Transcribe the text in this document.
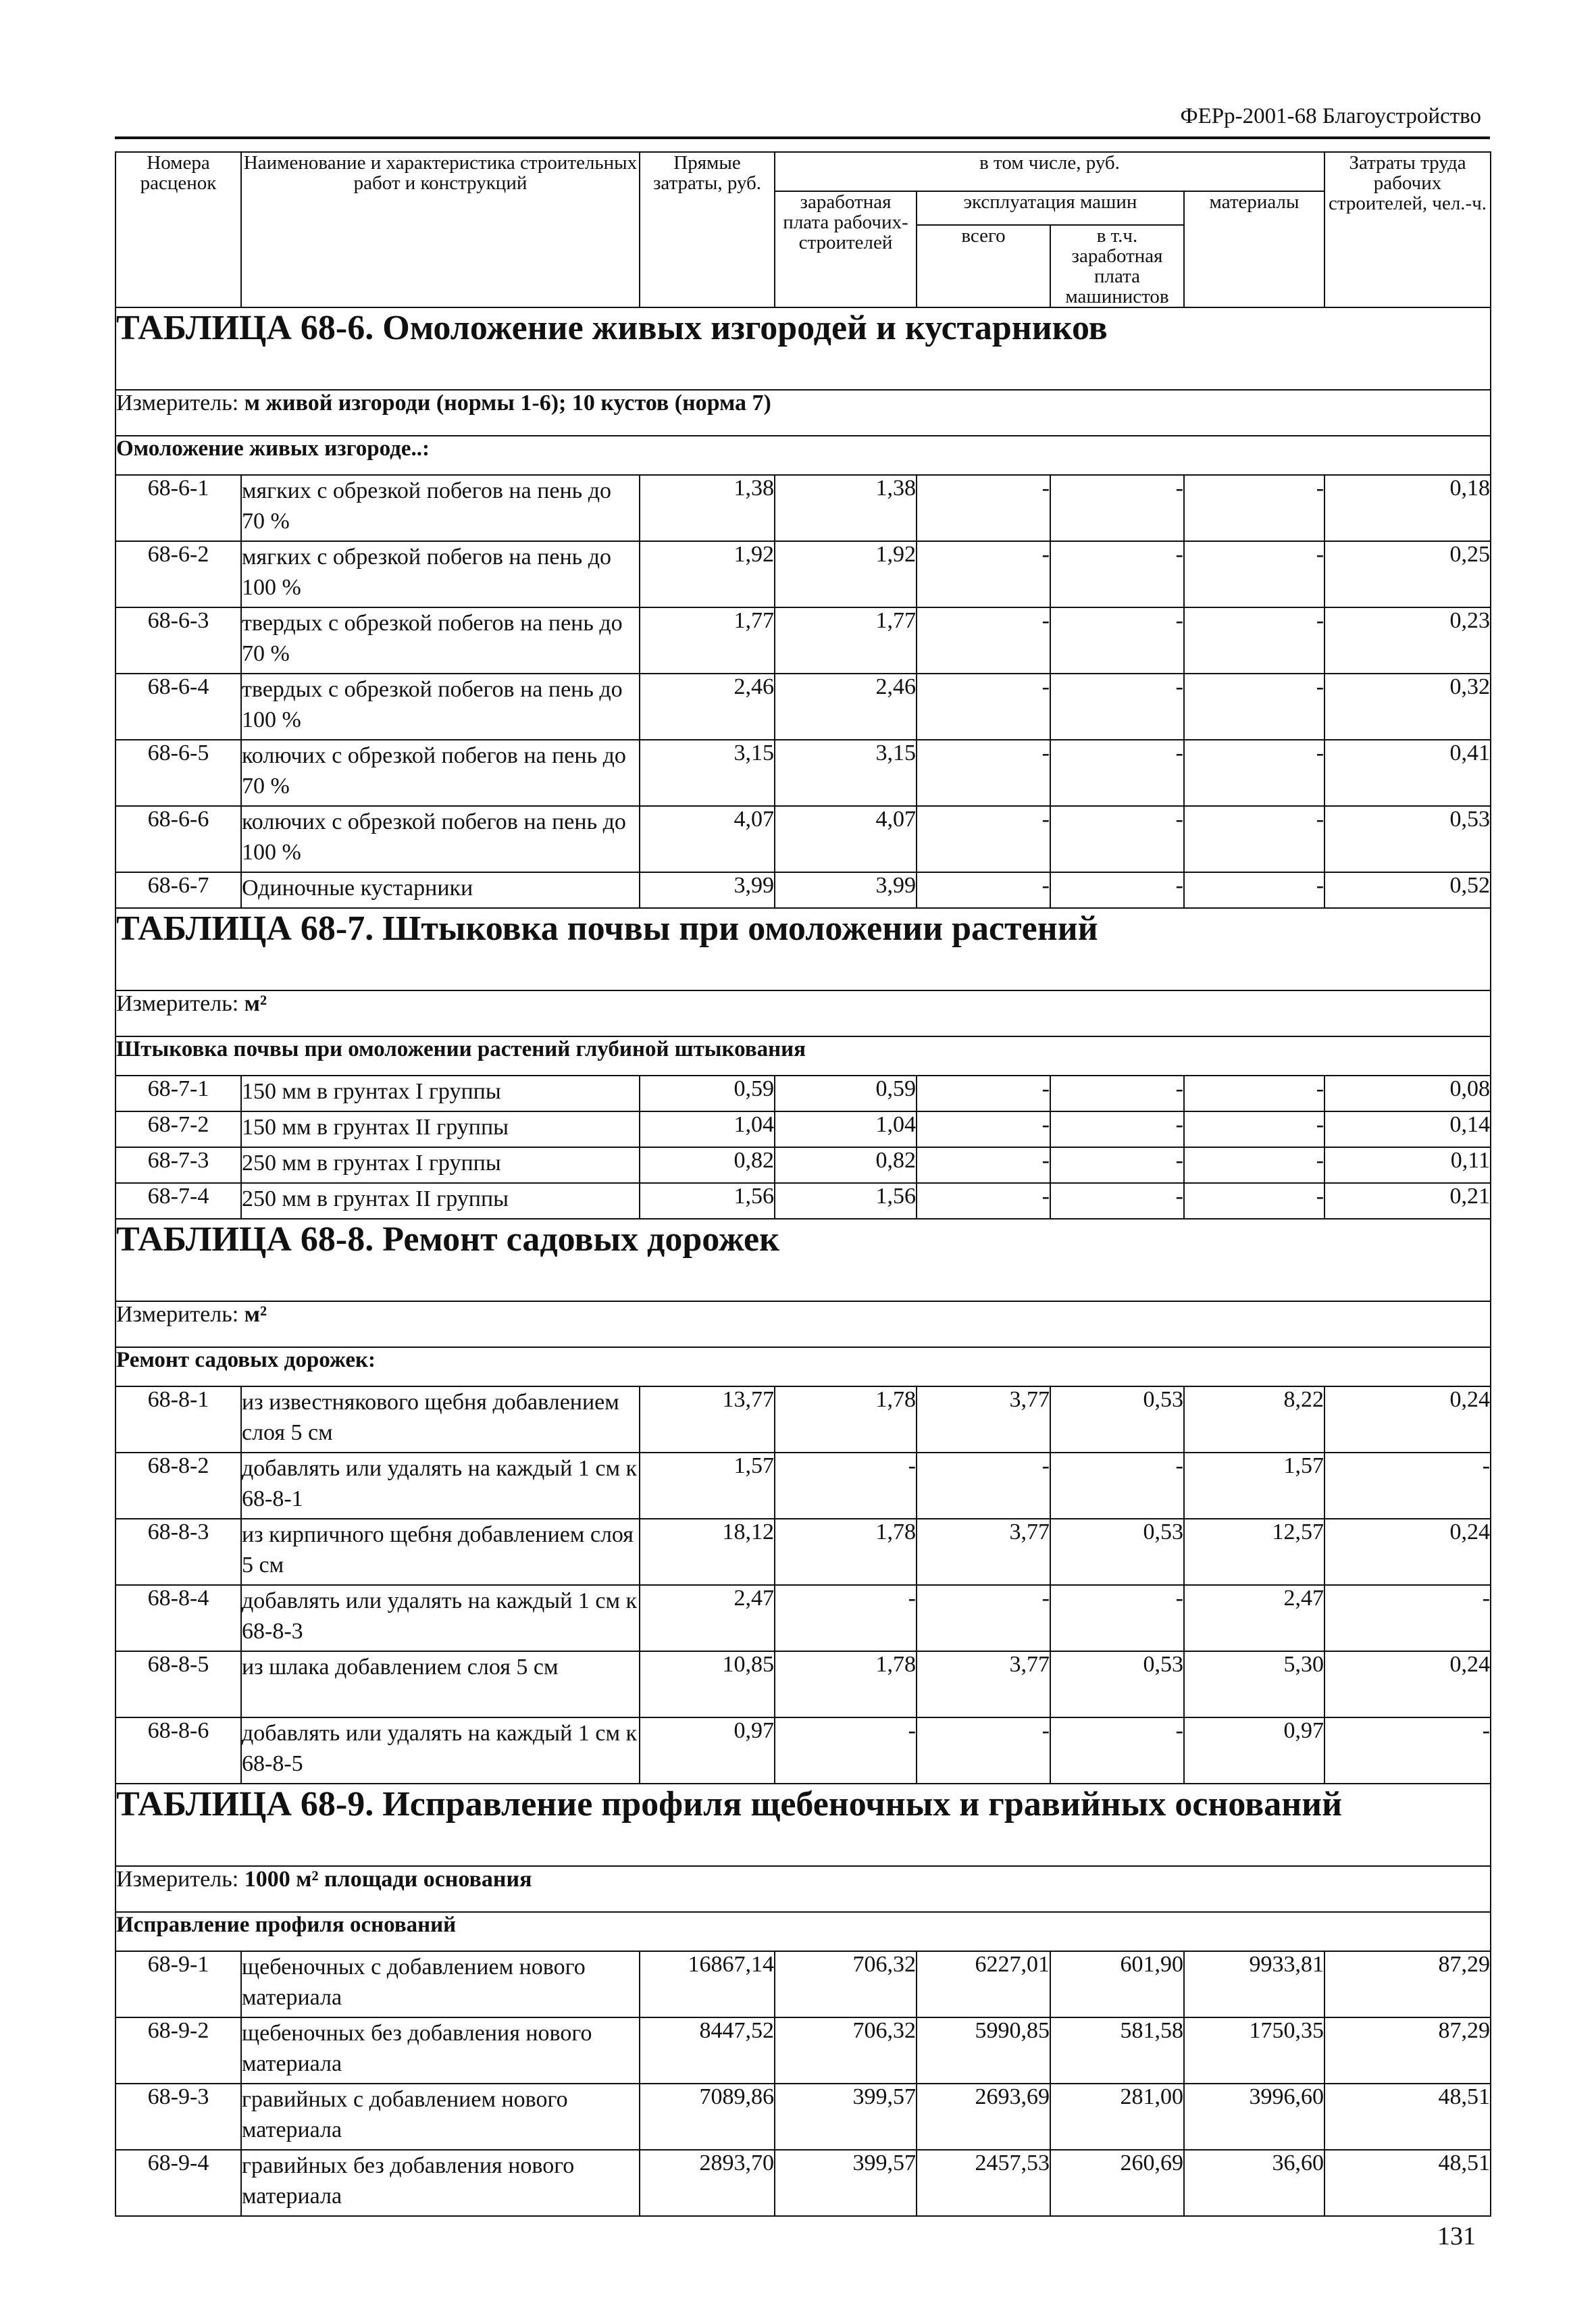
ФЕРр-2001-68 Благоустройство
Номера расценок	Наименование и характеристика строительных работ и конструкций	Прямые затраты, руб.	в том числе, руб.				Затраты труда рабочих строителей, чел.-ч.
			заработная плата рабочих-строителей	эксплуатация машин		материалы	
				всего	в т.ч. заработная плата машинистов		
ТАБЛИЦА 68-6. Омоложение живых изгородей и кустарников							
Измеритель: м живой изгороди (нормы 1-6); 10 кустов (норма 7)							
Омоложение живых изгороде..:							
68-6-1	мягких с обрезкой побегов на пень до 70 %	1,38	1,38	-	-	-	0,18
68-6-2	мягких с обрезкой побегов на пень до 100 %	1,92	1,92	-	-	-	0,25
68-6-3	твердых с обрезкой побегов на пень до 70 %	1,77	1,77	-	-	-	0,23
68-6-4	твердых с обрезкой побегов на пень до 100 %	2,46	2,46	-	-	-	0,32
68-6-5	колючих с обрезкой побегов на пень до 70 %	3,15	3,15	-	-	-	0,41
68-6-6	колючих с обрезкой побегов на пень до 100 %	4,07	4,07	-	-	-	0,53
68-6-7	Одиночные кустарники	3,99	3,99	-	-	-	0,52
ТАБЛИЦА 68-7. Штыковка почвы при омоложении растений							
Измеритель: м²							
Штыковка почвы при омоложении растений глубиной штыкования							
68-7-1	150 мм в грунтах I группы	0,59	0,59	-	-	-	0,08
68-7-2	150 мм в грунтах II группы	1,04	1,04	-	-	-	0,14
68-7-3	250 мм в грунтах I группы	0,82	0,82	-	-	-	0,11
68-7-4	250 мм в грунтах II группы	1,56	1,56	-	-	-	0,21
ТАБЛИЦА 68-8. Ремонт садовых дорожек							
Измеритель: м²							
Ремонт садовых дорожек:							
68-8-1	из известнякового щебня добавлением слоя 5 см	13,77	1,78	3,77	0,53	8,22	0,24
68-8-2	добавлять или удалять на каждый 1 см к 68-8-1	1,57	-	-	-	1,57	-
68-8-3	из кирпичного щебня добавлением слоя 5 см	18,12	1,78	3,77	0,53	12,57	0,24
68-8-4	добавлять или удалять на каждый 1 см к 68-8-3	2,47	-	-	-	2,47	-
68-8-5	из шлака добавлением слоя 5 см	10,85	1,78	3,77	0,53	5,30	0,24
68-8-6	добавлять или удалять на каждый 1 см к 68-8-5	0,97	-	-	-	0,97	-
ТАБЛИЦА 68-9. Исправление профиля щебеночных и гравийных оснований							
Измеритель: 1000 м² площади основания							
Исправление профиля оснований							
68-9-1	щебеночных с добавлением нового материала	16867,14	706,32	6227,01	601,90	9933,81	87,29
68-9-2	щебеночных без добавления нового материала	8447,52	706,32	5990,85	581,58	1750,35	87,29
68-9-3	гравийных с добавлением нового материала	7089,86	399,57	2693,69	281,00	3996,60	48,51
68-9-4	гравийных без добавления нового материала	2893,70	399,57	2457,53	260,69	36,60	48,51
131
